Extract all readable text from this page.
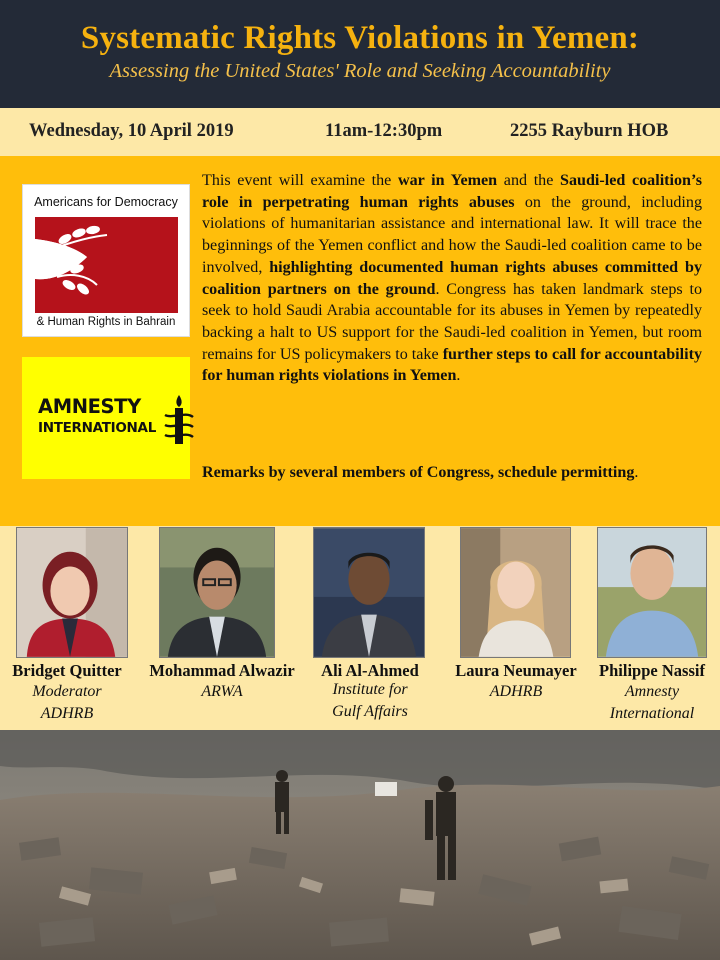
Systematic Rights Violations in Yemen:
Assessing the United States' Role and Seeking Accountability
Wednesday, 10 April 2019	11am-12:30pm	2255 Rayburn HOB
Americans for Democracy
& Human Rights in Bahrain
AMNESTY
INTERNATIONAL
This event will examine the war in Yemen and the Saudi-led coalition’s role in perpetrating human rights abuses on the ground, including violations of humanitarian assistance and international law. It will trace the beginnings of the Yemen conflict and how the Saudi-led coalition came to be involved, highlighting documented human rights abuses committed by coalition partners on the ground. Congress has taken landmark steps to seek to hold Saudi Arabia accountable for its abuses in Yemen by repeatedly backing a halt to US support for the Saudi-led coalition in Yemen, but room remains for US policymakers to take further steps to call for accountability for human rights violations in Yemen.
Remarks by several members of Congress, schedule permitting.
Bridget Quitter
Moderator
ADHRB
Mohammad Alwazir
ARWA
Ali Al-Ahmed
Institute for
Gulf Affairs
Laura Neumayer
ADHRB
Philippe Nassif
Amnesty
International
